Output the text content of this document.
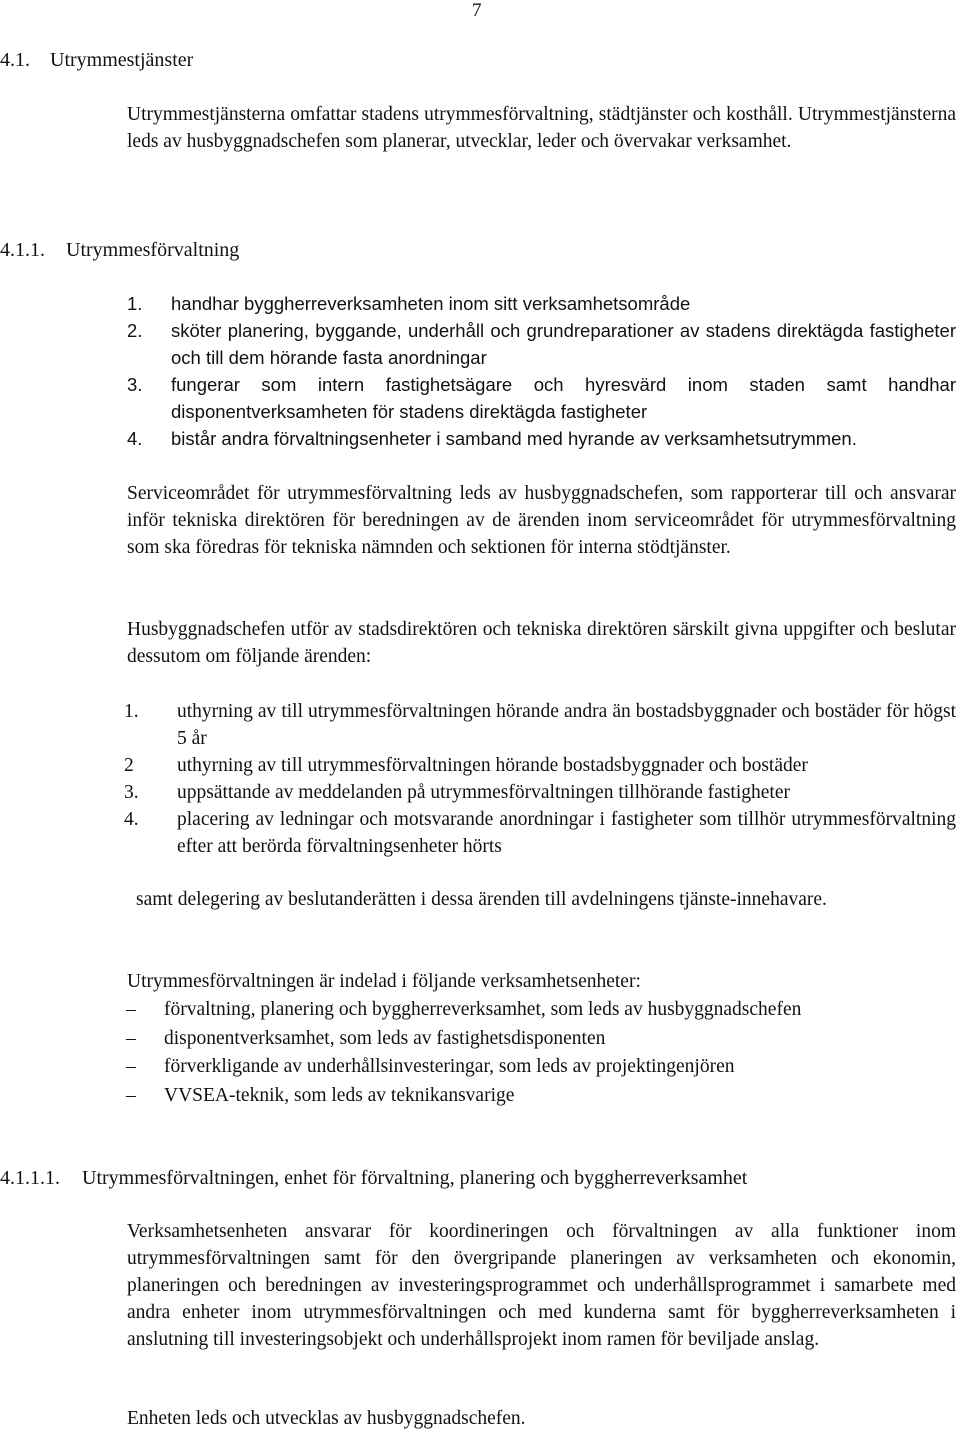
7
4.1. Utrymmestjänster

Utrymmestjänsterna omfattar stadens utrymmesförvaltning, städtjänster och kosthåll. Utrymmestjänsterna leds av husbyggnadschefen som planerar, utvecklar, leder och övervakar verksamhet.

4.1.1. Utrymmesförvaltning
1. handhar byggherreverksamheten inom sitt verksamhetsområde
2. sköter planering, byggande, underhåll och grundreparationer av stadens direktägda fastigheter och till dem hörande fasta anordningar
3. fungerar som intern fastighetsägare och hyresvärd inom staden samt handhar disponentverksamheten för stadens direktägda fastigheter
4. bistår andra förvaltningsenheter i samband med hyrande av verksamhetsutrymmen.

Serviceområdet för utrymmesförvaltning leds av husbyggnadschefen, som rapporterar till och ansvarar inför tekniska direktören för beredningen av de ärenden inom serviceområdet för utrymmesförvaltning som ska föredras för tekniska nämnden och sektionen för interna stödtjänster.

Husbyggnadschefen utför av stadsdirektören och tekniska direktören särskilt givna uppgifter och beslutar dessutom om följande ärenden:

1. uthyrning av till utrymmesförvaltningen hörande andra än bostadsbyggnader och bostäder för högst 5 år
2 uthyrning av till utrymmesförvaltningen hörande bostadsbyggnader och bostäder
3. uppsättande av meddelanden på utrymmesförvaltningen tillhörande fastigheter
4. placering av ledningar och motsvarande anordningar i fastigheter som tillhör utrymmesförvaltning efter att berörda förvaltningsenheter hörts

samt delegering av beslutanderätten i dessa ärenden till avdelningens tjänste-innehavare.

Utrymmesförvaltningen är indelad i följande verksamhetsenheter:

– förvaltning, planering och byggherreverksamhet, som leds av husbyggnadschefen
– disponentverksamhet, som leds av fastighetsdisponenten
– förverkligande av underhållsinvesteringar, som leds av projektingenjören
– VVSEA-teknik, som leds av teknikansvarige
4.1.1.1. Utrymmesförvaltningen, enhet för förvaltning, planering och byggherreverksamhet

Verksamhetsenheten ansvarar för koordineringen och förvaltningen av alla funktioner inom utrymmesförvaltningen samt för den övergripande planeringen av verksamheten och ekonomin, planeringen och beredningen av investeringsprogrammet och underhållsprogrammet i samarbete med andra enheter inom utrymmesförvaltningen och med kunderna samt för byggherreverksamheten i anslutning till investeringsobjekt och underhållsprojekt inom ramen för beviljade anslag.

Enheten leds och utvecklas av husbyggnadschefen.
